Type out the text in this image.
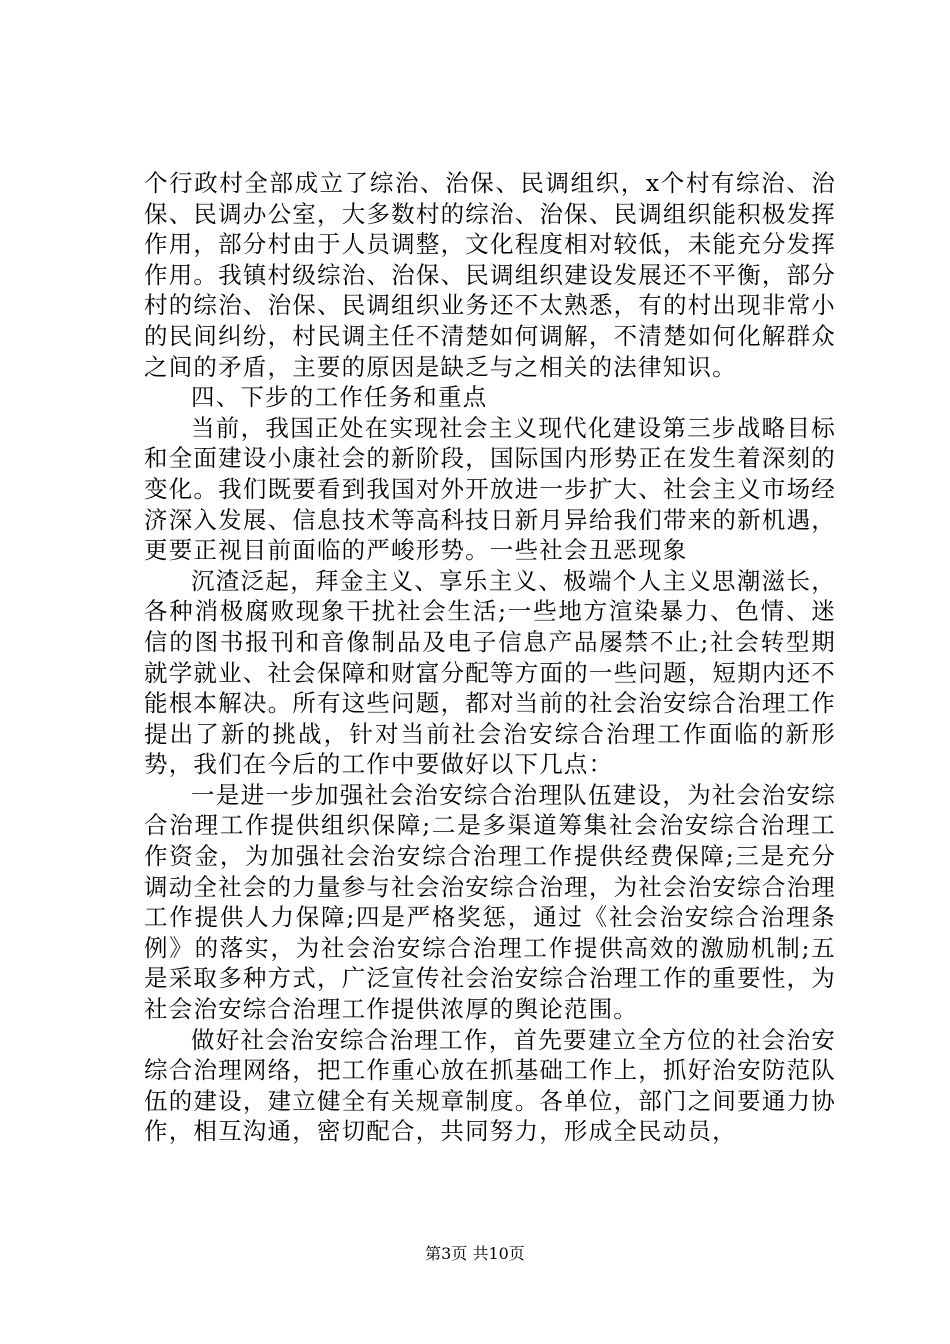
个行政村全部成立了综治、治保、民调组织，x个村有综治、治保、民调办公室，大多数村的综治、治保、民调组织能积极发挥作用，部分村由于人员调整，文化程度相对较低，未能充分发挥作用。我镇村级综治、治保、民调组织建设发展还不平衡，部分村的综治、治保、民调组织业务还不太熟悉，有的村出现非常小的民间纠纷，村民调主任不清楚如何调解，不清楚如何化解群众之间的矛盾，主要的原因是缺乏与之相关的法律知识。

四、下步的工作任务和重点

当前，我国正处在实现社会主义现代化建设第三步战略目标和全面建设小康社会的新阶段，国际国内形势正在发生着深刻的变化。我们既要看到我国对外开放进一步扩大、社会主义市场经济深入发展、信息技术等高科技日新月异给我们带来的新机遇，更要正视目前面临的严峻形势。一些社会丑恶现象

沉渣泛起，拜金主义、享乐主义、极端个人主义思潮滋长，各种消极腐败现象干扰社会生活;一些地方渲染暴力、色情、迷信的图书报刊和音像制品及电子信息产品屡禁不止;社会转型期就学就业、社会保障和财富分配等方面的一些问题，短期内还不能根本解决。所有这些问题，都对当前的社会治安综合治理工作提出了新的挑战，针对当前社会治安综合治理工作面临的新形势，我们在今后的工作中要做好以下几点：

一是进一步加强社会治安综合治理队伍建设，为社会治安综合治理工作提供组织保障;二是多渠道筹集社会治安综合治理工作资金，为加强社会治安综合治理工作提供经费保障;三是充分调动全社会的力量参与社会治安综合治理，为社会治安综合治理工作提供人力保障;四是严格奖惩，通过《社会治安综合治理条例》的落实，为社会治安综合治理工作提供高效的激励机制;五是采取多种方式，广泛宣传社会治安综合治理工作的重要性，为社会治安综合治理工作提供浓厚的舆论范围。

做好社会治安综合治理工作，首先要建立全方位的社会治安综合治理网络，把工作重心放在抓基础工作上，抓好治安防范队伍的建设，建立健全有关规章制度。各单位，部门之间要通力协作，相互沟通，密切配合，共同努力，形成全民动员，

第3页 共10页
